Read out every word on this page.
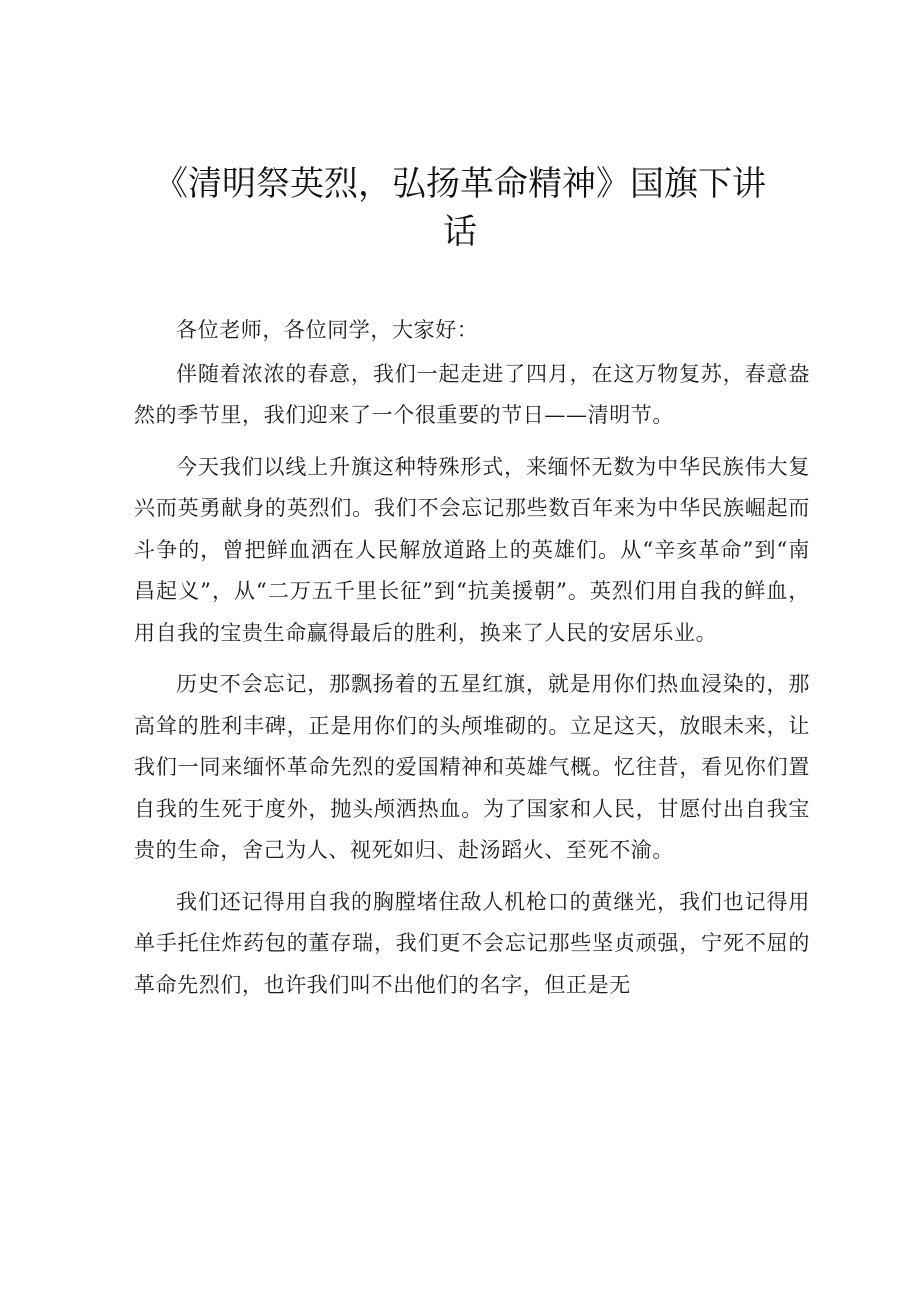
《清明祭英烈，弘扬革命精神》国旗下讲话

各位老师，各位同学，大家好：

伴随着浓浓的春意，我们一起走进了四月，在这万物复苏，春意盎然的季节里，我们迎来了一个很重要的节日——清明节。

今天我们以线上升旗这种特殊形式，来缅怀无数为中华民族伟大复兴而英勇献身的英烈们。我们不会忘记那些数百年来为中华民族崛起而斗争的，曾把鲜血洒在人民解放道路上的英雄们。从“辛亥革命”到“南昌起义”，从“二万五千里长征”到“抗美援朝”。英烈们用自我的鲜血，用自我的宝贵生命赢得最后的胜利，换来了人民的安居乐业。

历史不会忘记，那飘扬着的五星红旗，就是用你们热血浸染的，那高耸的胜利丰碑，正是用你们的头颅堆砌的。立足这天，放眼未来，让我们一同来缅怀革命先烈的爱国精神和英雄气概。忆往昔，看见你们置自我的生死于度外，抛头颅洒热血。为了国家和人民，甘愿付出自我宝贵的生命，舍己为人、视死如归、赴汤蹈火、至死不渝。

我们还记得用自我的胸膛堵住敌人机枪口的黄继光，我们也记得用单手托住炸药包的董存瑞，我们更不会忘记那些坚贞顽强，宁死不屈的革命先烈们，也许我们叫不出他们的名字，但正是无
